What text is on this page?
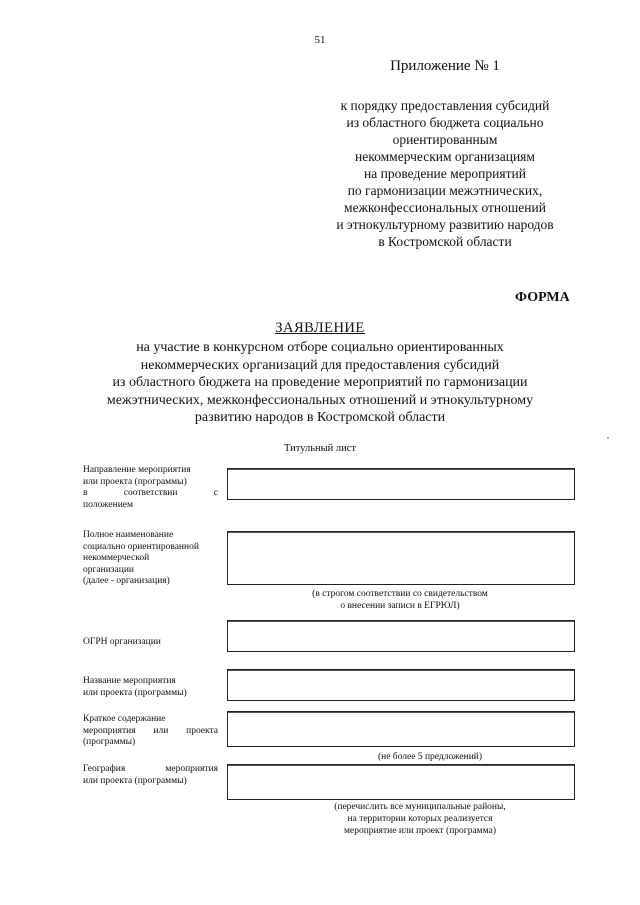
51
Приложение № 1
к порядку предоставления субсидий
из областного бюджета социально
ориентированным
некоммерческим организациям
на проведение мероприятий
по гармонизации межэтнических,
межконфессиональных отношений
и этнокультурному развитию народов
в Костромской области
ФОРМА
ЗАЯВЛЕНИЕ
на участие в конкурсном отборе социально ориентированных
некоммерческих организаций для предоставления субсидий
из областного бюджета на проведение мероприятий по гармонизации
межэтнических, межконфессиональных отношений и этнокультурному
развитию народов в Костромской области
Титульный лист
Направление мероприятия
или проекта (программы)
в соответствии с
положением
Полное наименование
социально ориентированной
некоммерческой
организации
(далее - организация)
(в строгом соответствии со свидетельством
о внесении записи в ЕГРЮЛ)
ОГРН организации
Название мероприятия
или проекта (программы)
Краткое содержание
мероприятия или проекта
(программы)
(не более 5 предложений)
География мероприятия
или проекта (программы)
(перечислить все муниципальные районы,
на территории которых реализуется
мероприятие или проект (программа)
